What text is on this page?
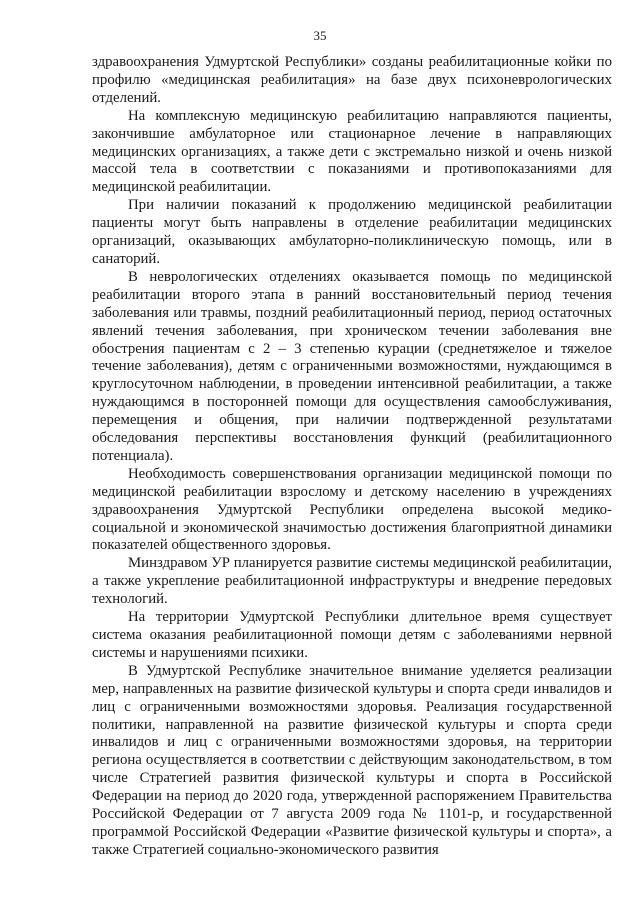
35

здравоохранения Удмуртской Республики» созданы реабилитационные койки по профилю «медицинская реабилитация» на базе двух психоневрологических отделений.

На комплексную медицинскую реабилитацию направляются пациенты, закончившие амбулаторное или стационарное лечение в направляющих медицинских организациях, а также дети с экстремально низкой и очень низкой массой тела в соответствии с показаниями и противопоказаниями для медицинской реабилитации.

При наличии показаний к продолжению медицинской реабилитации пациенты могут быть направлены в отделение реабилитации медицинских организаций, оказывающих амбулаторно-поликлиническую помощь, или в санаторий.

В неврологических отделениях оказывается помощь по медицинской реабилитации второго этапа в ранний восстановительный период течения заболевания или травмы, поздний реабилитационный период, период остаточных явлений течения заболевания, при хроническом течении заболевания вне обострения пациентам с 2 – 3 степенью курации (среднетяжелое и тяжелое течение заболевания), детям с ограниченными возможностями, нуждающимся в круглосуточном наблюдении, в проведении интенсивной реабилитации, а также нуждающимся в посторонней помощи для осуществления самообслуживания, перемещения и общения, при наличии подтвержденной результатами обследования перспективы восстановления функций (реабилитационного потенциала).

Необходимость совершенствования организации медицинской помощи по медицинской реабилитации взрослому и детскому населению в учреждениях здравоохранения Удмуртской Республики определена высокой медико-социальной и экономической значимостью достижения благоприятной динамики показателей общественного здоровья.

Минздравом УР планируется развитие системы медицинской реабилитации, а также укрепление реабилитационной инфраструктуры и внедрение передовых технологий.

На территории Удмуртской Республики длительное время существует система оказания реабилитационной помощи детям с заболеваниями нервной системы и нарушениями психики.

В Удмуртской Республике значительное внимание уделяется реализации мер, направленных на развитие физической культуры и спорта среди инвалидов и лиц с ограниченными возможностями здоровья. Реализация государственной политики, направленной на развитие физической культуры и спорта среди инвалидов и лиц с ограниченными возможностями здоровья, на территории региона осуществляется в соответствии с действующим законодательством, в том числе Стратегией развития физической культуры и спорта в Российской Федерации на период до 2020 года, утвержденной распоряжением Правительства Российской Федерации от 7 августа 2009 года № 1101-р, и государственной программой Российской Федерации «Развитие физической культуры и спорта», а также Стратегией социально-экономического развития
